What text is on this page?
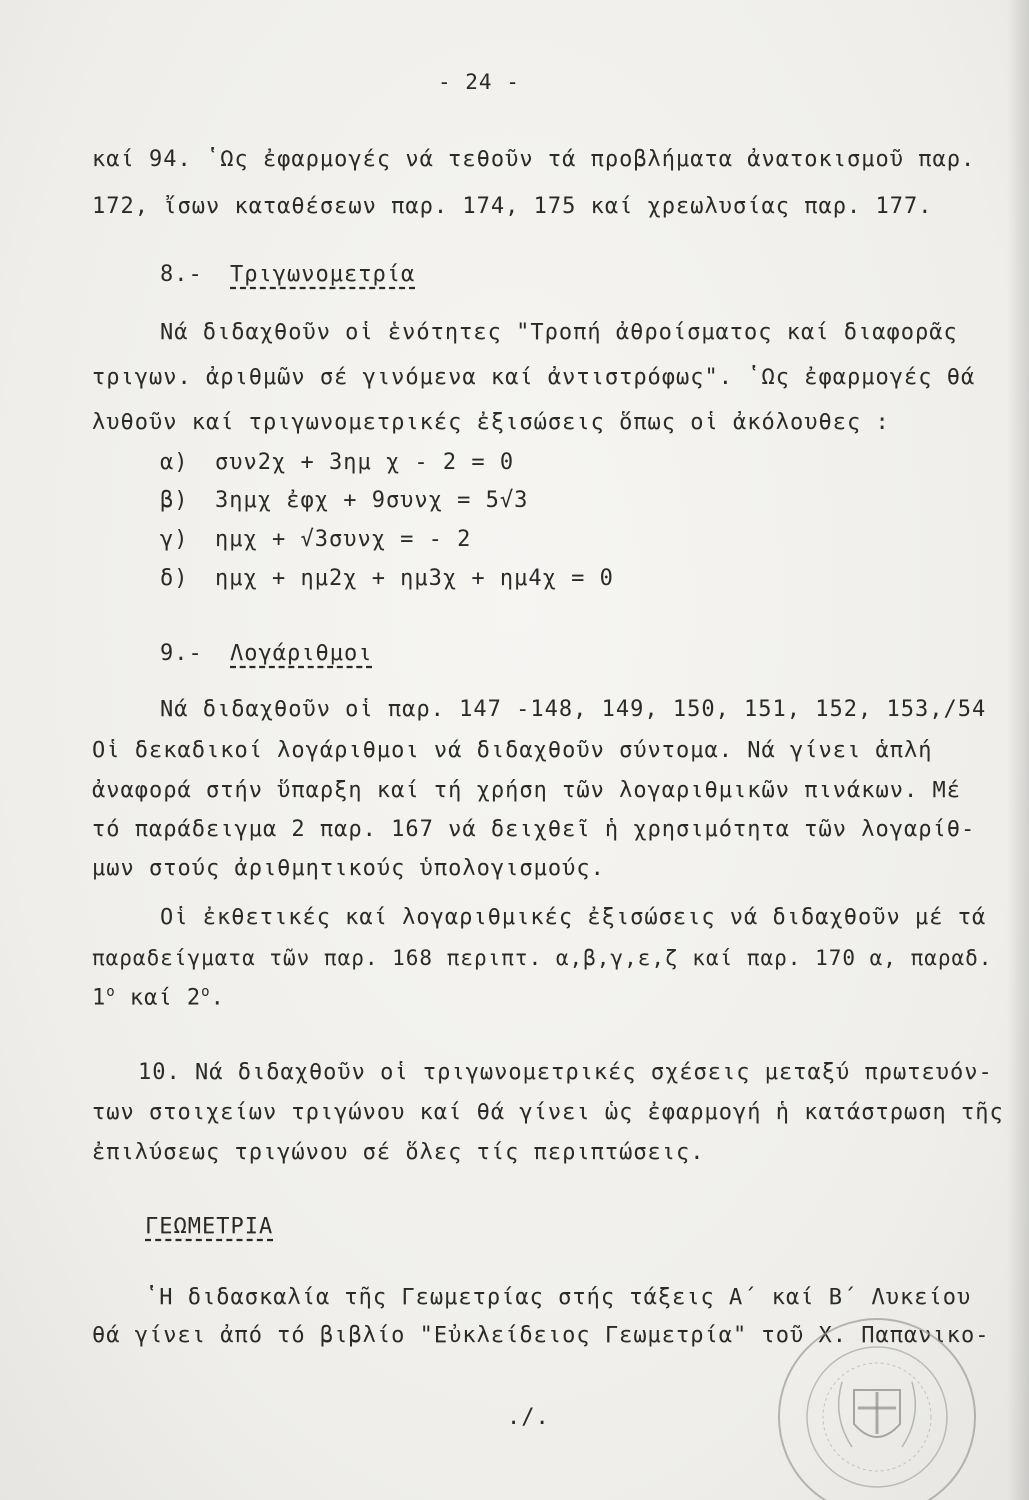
- 24 -
καί 94. ʽΩς ἐφαρμογές νά τεθοῦν τά προβλήματα ἀνατοκισμοῦ παρ.
172, ἴσων καταθέσεων παρ. 174, 175 καί χρεωλυσίας παρ. 177.
8.- Τριγωνομετρία
Νά διδαχθοῦν οἱ ἑνότητες "Τροπή ἀθροίσματος καί διαφορᾶς
τριγων. ἀριθμῶν σέ γινόμενα καί ἀντιστρόφως". ʽΩς ἐφαρμογές θά
λυθοῦν καί τριγωνομετρικές ἐξισώσεις ὅπως οἱ ἀκόλουθες :
α) συν2χ + 3ημ χ - 2 = 0
β) 3ημχ ἐφχ + 9συνχ = 5√3
γ) ημχ + √3συνχ = - 2
δ) ημχ + ημ2χ + ημ3χ + ημ4χ = 0
9.- Λογάριθμοι
Νά διδαχθοῦν οἱ παρ. 147 -148, 149, 150, 151, 152, 153,/54
Οἱ δεκαδικοί λογάριθμοι νά διδαχθοῦν σύντομα. Νά γίνει ἁπλή
ἀναφορά στήν ὕπαρξη καί τή χρήση τῶν λογαριθμικῶν πινάκων. Μέ
τό παράδειγμα 2 παρ. 167 νά δειχθεῖ ἡ χρησιμότητα τῶν λογαρίθ-
μων στούς ἀριθμητικούς ὑπολογισμούς.
Οἱ ἐκθετικές καί λογαριθμικές ἐξισώσεις νά διδαχθοῦν μέ τά
παραδείγματα τῶν παρ. 168 περιπτ. α,β,γ,ε,ζ καί παρ. 170 α, παραδ.
$1^o$ καί $2^o$.
10. Νά διδαχθοῦν οἱ τριγωνομετρικές σχέσεις μεταξύ πρωτευόν-
των στοιχείων τριγώνου καί θά γίνει ὡς ἐφαρμογή ἡ κατάστρωση τῆς
ἐπιλύσεως τριγώνου σέ ὅλες τίς περιπτώσεις.
ΓΕΩΜΕΤΡΙΑ
ʽΗ διδασκαλία τῆς Γεωμετρίας στής τάξεις Α΄ καί Β΄ Λυκείου
θά γίνει ἀπό τό βιβλίο "Εὐκλείδειος Γεωμετρία" τοῦ Χ. Παπανικο-
./.
